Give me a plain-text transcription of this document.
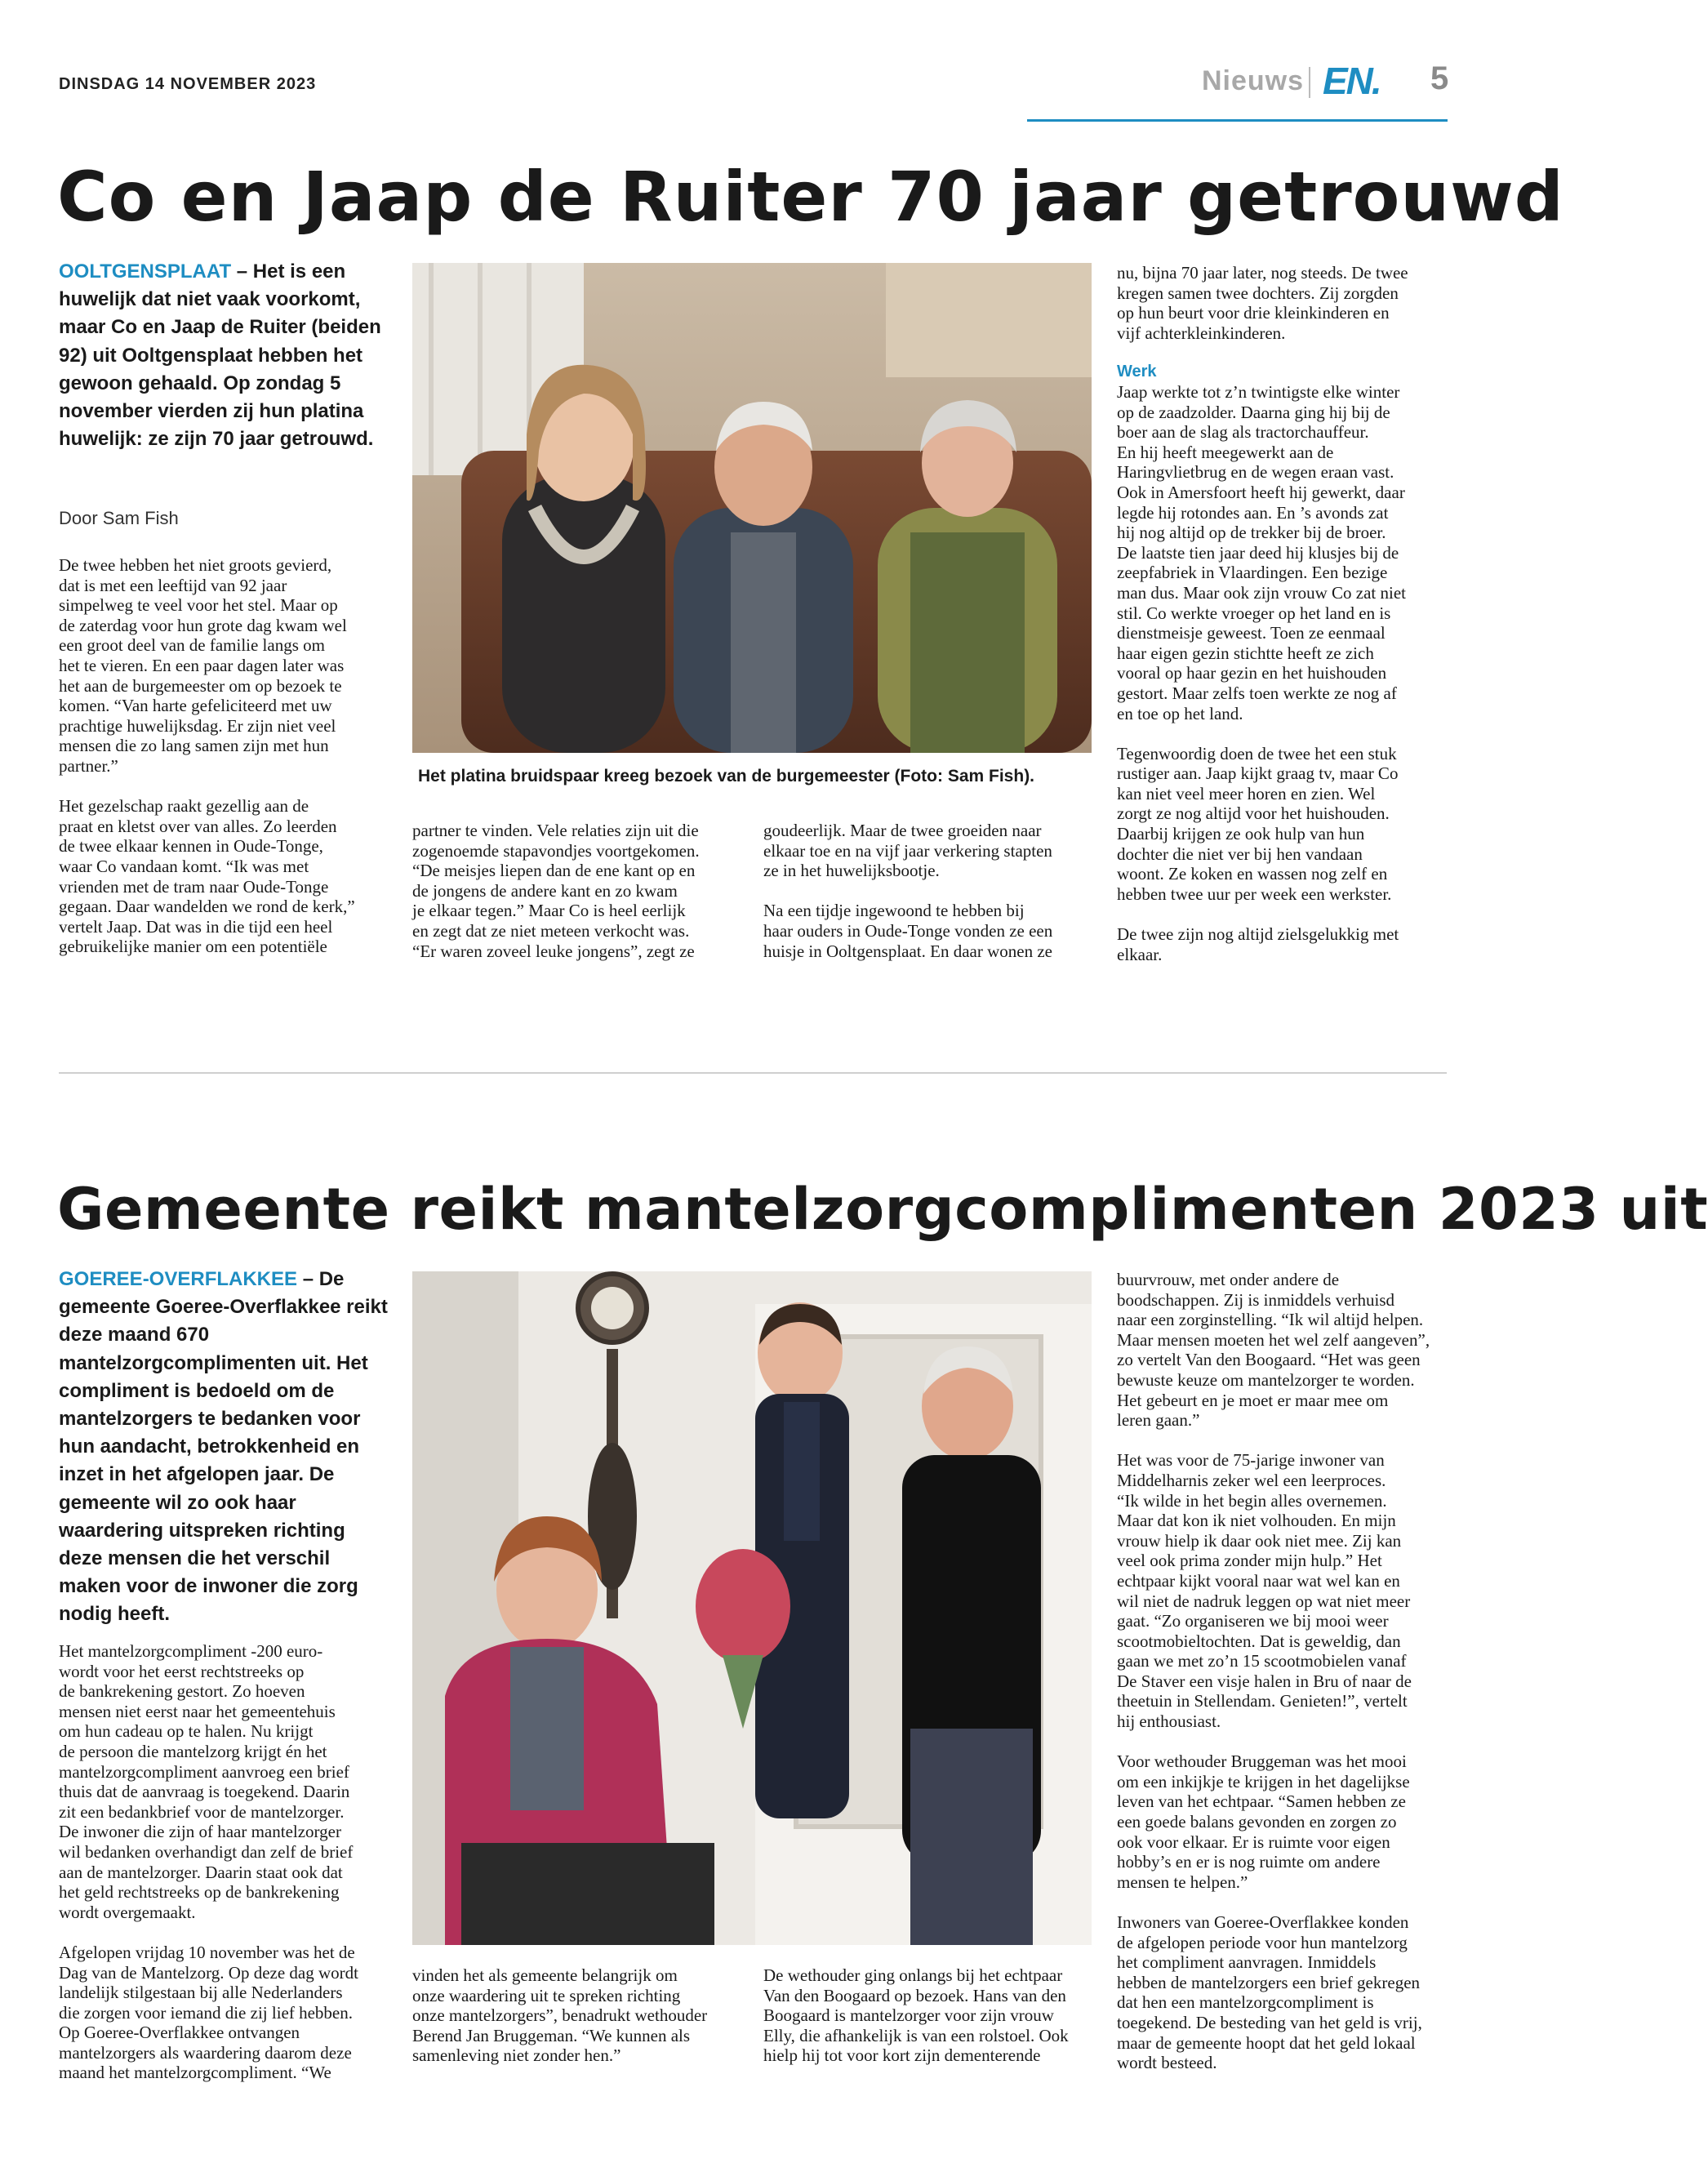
DINSDAG 14 NOVEMBER 2023	Nieuws EN. 5
Co en Jaap de Ruiter 70 jaar getrouwd
OOLTGENSPLAAT – Het is een huwelijk dat niet vaak voorkomt, maar Co en Jaap de Ruiter (beiden 92) uit Ooltgensplaat hebben het gewoon gehaald. Op zondag 5 november vierden zij hun platina huwelijk: ze zijn 70 jaar getrouwd.
Door Sam Fish
De twee hebben het niet groots gevierd,
dat is met een leeftijd van 92 jaar
simpelweg te veel voor het stel. Maar op
de zaterdag voor hun grote dag kwam wel
een groot deel van de familie langs om
het te vieren. En een paar dagen later was
het aan de burgemeester om op bezoek te
komen. “Van harte gefeliciteerd met uw
prachtige huwelijksdag. Er zijn niet veel
mensen die zo lang samen zijn met hun
partner.”

Het gezelschap raakt gezellig aan de
praat en kletst over van alles. Zo leerden
de twee elkaar kennen in Oude-Tonge,
waar Co vandaan komt. “Ik was met
vrienden met de tram naar Oude-Tonge
gegaan. Daar wandelden we rond de kerk,”
vertelt Jaap. Dat was in die tijd een heel
gebruikelijke manier om een potentiële
Het platina bruidspaar kreeg bezoek van de burgemeester (Foto: Sam Fish).
partner te vinden. Vele relaties zijn uit die
zogenoemde stapavondjes voortgekomen.
“De meisjes liepen dan de ene kant op en
de jongens de andere kant en zo kwam
je elkaar tegen.” Maar Co is heel eerlijk
en zegt dat ze niet meteen verkocht was.
“Er waren zoveel leuke jongens”, zegt ze
goudeerlijk. Maar de twee groeiden naar
elkaar toe en na vijf jaar verkering stapten
ze in het huwelijksbootje.

Na een tijdje ingewoond te hebben bij
haar ouders in Oude-Tonge vonden ze een
huisje in Ooltgensplaat. En daar wonen ze
nu, bijna 70 jaar later, nog steeds. De twee
kregen samen twee dochters. Zij zorgden
op hun beurt voor drie kleinkinderen en
vijf achterkleinkinderen.
Werk
Jaap werkte tot z’n twintigste elke winter
op de zaadzolder. Daarna ging hij bij de
boer aan de slag als tractorchauffeur.
En hij heeft meegewerkt aan de
Haringvlietbrug en de wegen eraan vast.
Ook in Amersfoort heeft hij gewerkt, daar
legde hij rotondes aan. En ’s avonds zat
hij nog altijd op de trekker bij de broer.
De laatste tien jaar deed hij klusjes bij de
zeepfabriek in Vlaardingen. Een bezige
man dus. Maar ook zijn vrouw Co zat niet
stil. Co werkte vroeger op het land en is
dienstmeisje geweest. Toen ze eenmaal
haar eigen gezin stichtte heeft ze zich
vooral op haar gezin en het huishouden
gestort. Maar zelfs toen werkte ze nog af
en toe op het land.

Tegenwoordig doen de twee het een stuk
rustiger aan. Jaap kijkt graag tv, maar Co
kan niet veel meer horen en zien. Wel
zorgt ze nog altijd voor het huishouden.
Daarbij krijgen ze ook hulp van hun
dochter die niet ver bij hen vandaan
woont. Ze koken en wassen nog zelf en
hebben twee uur per week een werkster.

De twee zijn nog altijd zielsgelukkig met
elkaar.
Gemeente reikt mantelzorgcomplimenten 2023 uit
GOEREE-OVERFLAKKEE – De gemeente Goeree-Overflakkee reikt deze maand 670 mantelzorgcomplimenten uit. Het compliment is bedoeld om de mantelzorgers te bedanken voor hun aandacht, betrokkenheid en inzet in het afgelopen jaar. De gemeente wil zo ook haar waardering uitspreken richting deze mensen die het verschil maken voor de inwoner die zorg nodig heeft.
Het mantelzorgcompliment -200 euro-
wordt voor het eerst rechtstreeks op
de bankrekening gestort. Zo hoeven
mensen niet eerst naar het gemeentehuis
om hun cadeau op te halen. Nu krijgt
de persoon die mantelzorg krijgt én het
mantelzorgcompliment aanvroeg een brief
thuis dat de aanvraag is toegekend. Daarin
zit een bedankbrief voor de mantelzorger.
De inwoner die zijn of haar mantelzorger
wil bedanken overhandigt dan zelf de brief
aan de mantelzorger. Daarin staat ook dat
het geld rechtstreeks op de bankrekening
wordt overgemaakt.

Afgelopen vrijdag 10 november was het de
Dag van de Mantelzorg. Op deze dag wordt
landelijk stilgestaan bij alle Nederlanders
die zorgen voor iemand die zij lief hebben.
Op Goeree-Overflakkee ontvangen
mantelzorgers als waardering daarom deze
maand het mantelzorgcompliment. “We
vinden het als gemeente belangrijk om
onze waardering uit te spreken richting
onze mantelzorgers”, benadrukt wethouder
Berend Jan Bruggeman. “We kunnen als
samenleving niet zonder hen.”
De wethouder ging onlangs bij het echtpaar
Van den Boogaard op bezoek. Hans van den
Boogaard is mantelzorger voor zijn vrouw
Elly, die afhankelijk is van een rolstoel. Ook
hielp hij tot voor kort zijn dementerende
buurvrouw, met onder andere de
boodschappen. Zij is inmiddels verhuisd
naar een zorginstelling. “Ik wil altijd helpen.
Maar mensen moeten het wel zelf aangeven”,
zo vertelt Van den Boogaard. “Het was geen
bewuste keuze om mantelzorger te worden.
Het gebeurt en je moet er maar mee om
leren gaan.”

Het was voor de 75-jarige inwoner van
Middelharnis zeker wel een leerproces.
“Ik wilde in het begin alles overnemen.
Maar dat kon ik niet volhouden. En mijn
vrouw hielp ik daar ook niet mee. Zij kan
veel ook prima zonder mijn hulp.” Het
echtpaar kijkt vooral naar wat wel kan en
wil niet de nadruk leggen op wat niet meer
gaat. “Zo organiseren we bij mooi weer
scootmobieltochten. Dat is geweldig, dan
gaan we met zo’n 15 scootmobielen vanaf
De Staver een visje halen in Bru of naar de
theetuin in Stellendam. Genieten!”, vertelt
hij enthousiast.

Voor wethouder Bruggeman was het mooi
om een inkijkje te krijgen in het dagelijkse
leven van het echtpaar. “Samen hebben ze
een goede balans gevonden en zorgen zo
ook voor elkaar. Er is ruimte voor eigen
hobby’s en er is nog ruimte om andere
mensen te helpen.”

Inwoners van Goeree-Overflakkee konden
de afgelopen periode voor hun mantelzorg
het compliment aanvragen. Inmiddels
hebben de mantelzorgers een brief gekregen
dat hen een mantelzorgcompliment is
toegekend. De besteding van het geld is vrij,
maar de gemeente hoopt dat het geld lokaal
wordt besteed.
